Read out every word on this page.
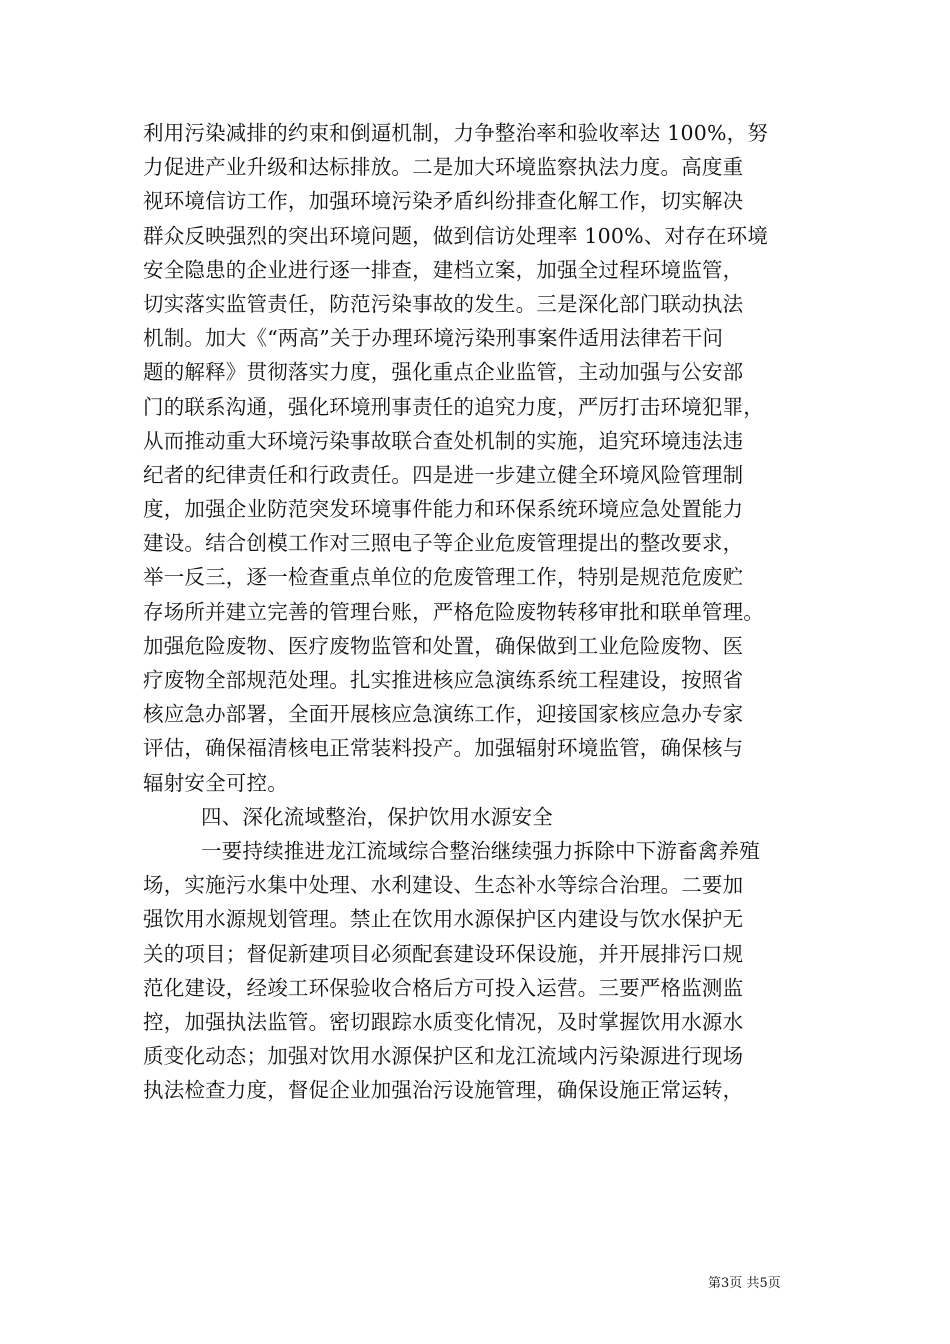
利用污染减排的约束和倒逼机制，力争整治率和验收率达 100%，努
力促进产业升级和达标排放。二是加大环境监察执法力度。高度重
视环境信访工作，加强环境污染矛盾纠纷排查化解工作，切实解决
群众反映强烈的突出环境问题，做到信访处理率 100%、对存在环境
安全隐患的企业进行逐一排查，建档立案，加强全过程环境监管，
切实落实监管责任，防范污染事故的发生。三是深化部门联动执法
机制。加大《“两高”关于办理环境污染刑事案件适用法律若干问
题的解释》贯彻落实力度，强化重点企业监管，主动加强与公安部
门的联系沟通，强化环境刑事责任的追究力度，严厉打击环境犯罪，
从而推动重大环境污染事故联合查处机制的实施，追究环境违法违
纪者的纪律责任和行政责任。四是进一步建立健全环境风险管理制
度，加强企业防范突发环境事件能力和环保系统环境应急处置能力
建设。结合创模工作对三照电子等企业危废管理提出的整改要求，
举一反三，逐一检查重点单位的危废管理工作，特别是规范危废贮
存场所并建立完善的管理台账，严格危险废物转移审批和联单管理。
加强危险废物、医疗废物监管和处置，确保做到工业危险废物、医
疗废物全部规范处理。扎实推进核应急演练系统工程建设，按照省
核应急办部署，全面开展核应急演练工作，迎接国家核应急办专家
评估，确保福清核电正常装料投产。加强辐射环境监管，确保核与
辐射安全可控。
四、深化流域整治，保护饮用水源安全
一要持续推进龙江流域综合整治继续强力拆除中下游畜禽养殖
场，实施污水集中处理、水利建设、生态补水等综合治理。二要加
强饮用水源规划管理。禁止在饮用水源保护区内建设与饮水保护无
关的项目；督促新建项目必须配套建设环保设施，并开展排污口规
范化建设，经竣工环保验收合格后方可投入运营。三要严格监测监
控，加强执法监管。密切跟踪水质变化情况，及时掌握饮用水源水
质变化动态；加强对饮用水源保护区和龙江流域内污染源进行现场
执法检查力度，督促企业加强治污设施管理，确保设施正常运转，
第3页 共5页
